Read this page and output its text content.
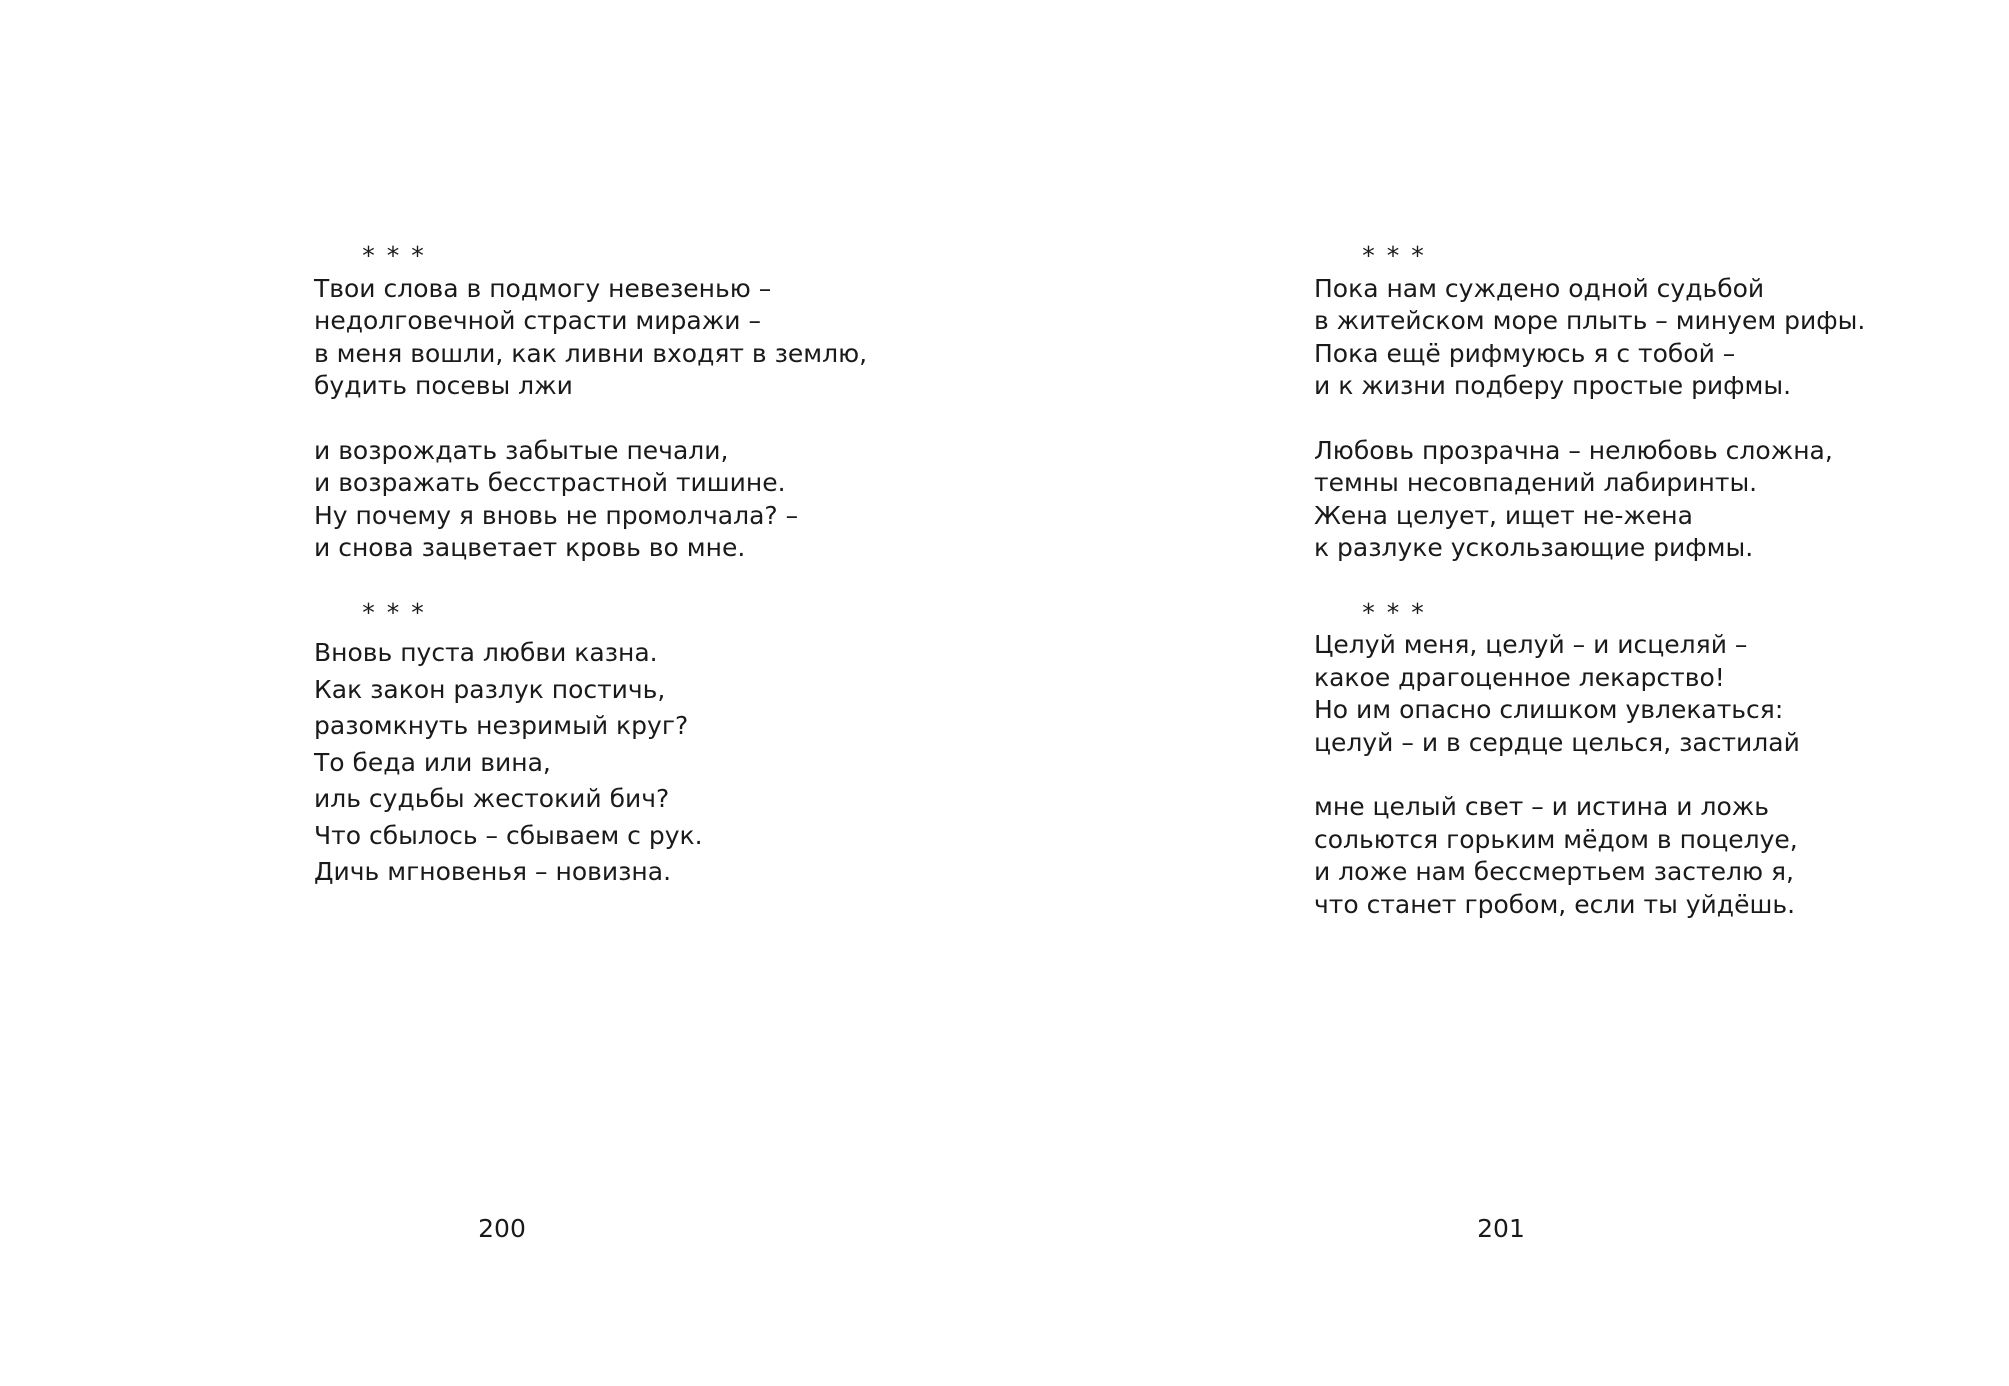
* * *
Твои слова в подмогу невезенью –
недолговечной страсти миражи –
в меня вошли, как ливни входят в землю,
будить посевы лжи
и возрождать забытые печали,
и возражать бесстрастной тишине.
Ну почему я вновь не промолчала? –
и снова зацветает кровь во мне.
* * *
Вновь пуста любви казна.
Как закон разлук постичь,
разомкнуть незримый круг?
То беда или вина,
иль судьбы жестокий бич?
Что сбылось – сбываем с рук.
Дичь мгновенья – новизна.
200
* * *
Пока нам суждено одной судьбой
в житейском море плыть – минуем рифы.
Пока ещё рифмуюсь я с тобой –
и к жизни подберу простые рифмы.
Любовь прозрачна – нелюбовь сложна,
темны несовпадений лабиринты.
Жена целует, ищет не-жена
к разлуке ускользающие рифмы.
* * *
Целуй меня, целуй – и исцеляй –
какое драгоценное лекарство!
Но им опасно слишком увлекаться:
целуй – и в сердце целься, застилай
мне целый свет – и истина и ложь
сольются горьким мёдом в поцелуе,
и ложе нам бессмертьем застелю я,
что станет гробом, если ты уйдёшь.
201
